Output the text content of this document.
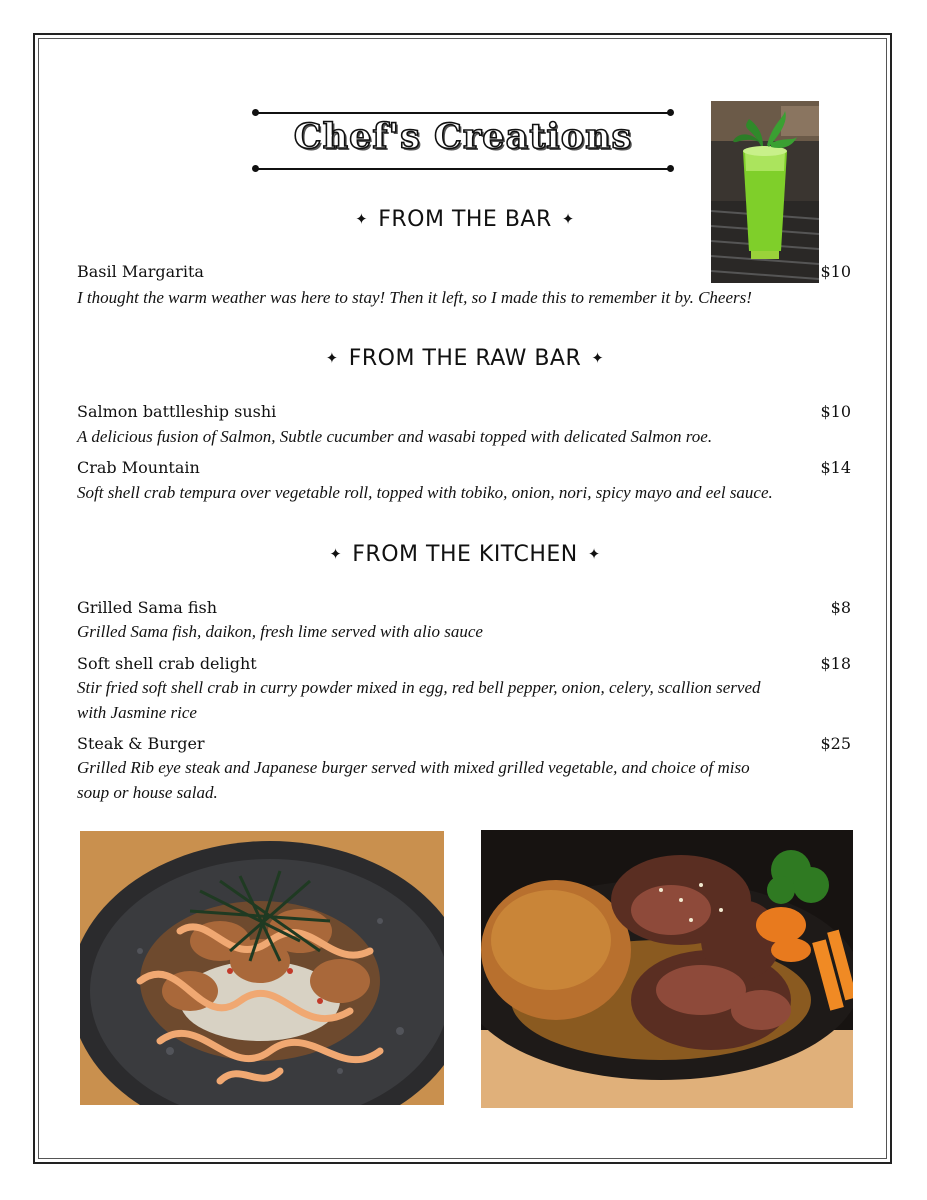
Chef's Creations
✦ FROM THE BAR ✦
Basil Margarita	$10
I thought the warm weather was here to stay! Then it left, so I made this to remember it by. Cheers!
✦ FROM THE RAW BAR ✦
Salmon battlleship sushi	$10
A delicious fusion of Salmon, Subtle cucumber and wasabi topped with delicated Salmon roe.
Crab Mountain	$14
Soft shell crab tempura over vegetable roll, topped with tobiko, onion, nori, spicy mayo and eel sauce.
✦ FROM THE KITCHEN ✦
Grilled Sama fish	$8
Grilled Sama fish, daikon, fresh lime served with alio sauce
Soft shell crab delight	$18
Stir fried soft shell crab in curry powder mixed in egg, red bell pepper, onion, celery, scallion served with Jasmine rice
Steak & Burger	$25
Grilled Rib eye steak and Japanese burger served with mixed grilled vegetable, and choice of miso soup or house salad.
